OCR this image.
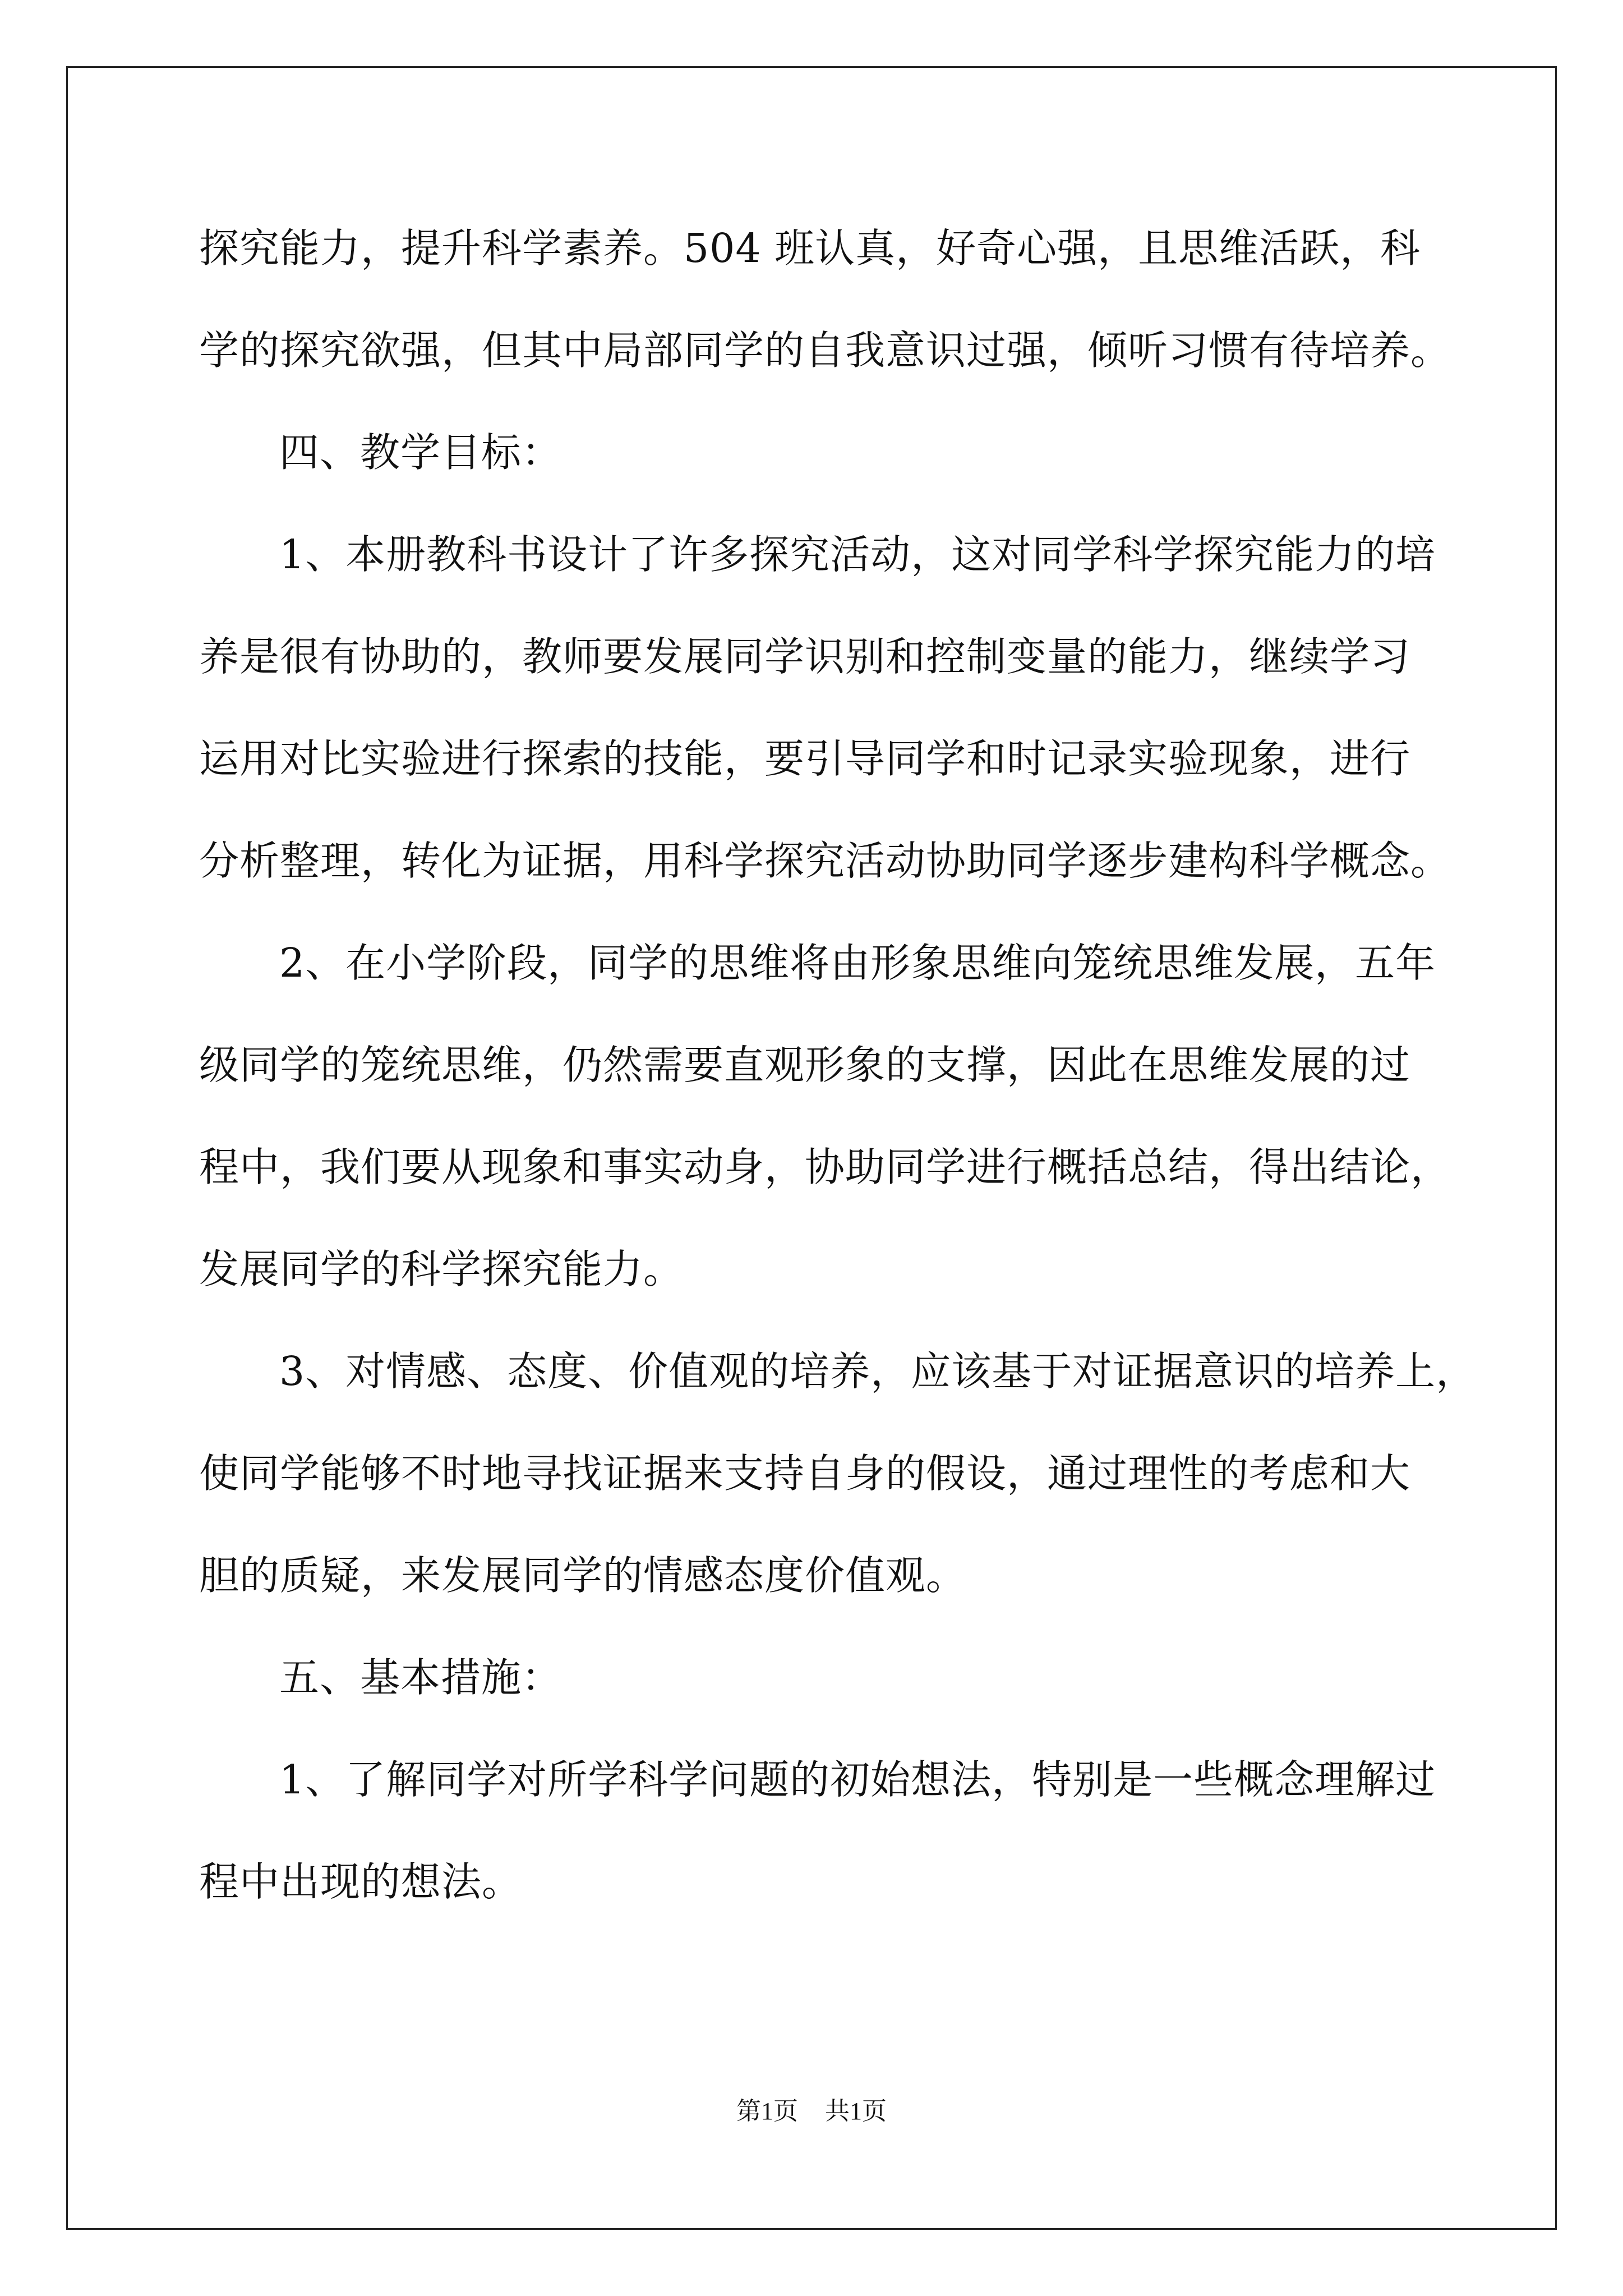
探究能力，提升科学素养。504 班认真，好奇心强，且思维活跃，科
学的探究欲强，但其中局部同学的自我意识过强，倾听习惯有待培养。
四、教学目标：
1、本册教科书设计了许多探究活动，这对同学科学探究能力的培
养是很有协助的，教师要发展同学识别和控制变量的能力，继续学习
运用对比实验进行探索的技能，要引导同学和时记录实验现象，进行
分析整理，转化为证据，用科学探究活动协助同学逐步建构科学概念。
2、在小学阶段，同学的思维将由形象思维向笼统思维发展，五年
级同学的笼统思维，仍然需要直观形象的支撑，因此在思维发展的过
程中，我们要从现象和事实动身，协助同学进行概括总结，得出结论，
发展同学的科学探究能力。
3、对情感、态度、价值观的培养，应该基于对证据意识的培养上，
使同学能够不时地寻找证据来支持自身的假设，通过理性的考虑和大
胆的质疑，来发展同学的情感态度价值观。
五、基本措施：
1、了解同学对所学科学问题的初始想法，特别是一些概念理解过
程中出现的想法。
第1页 共1页
